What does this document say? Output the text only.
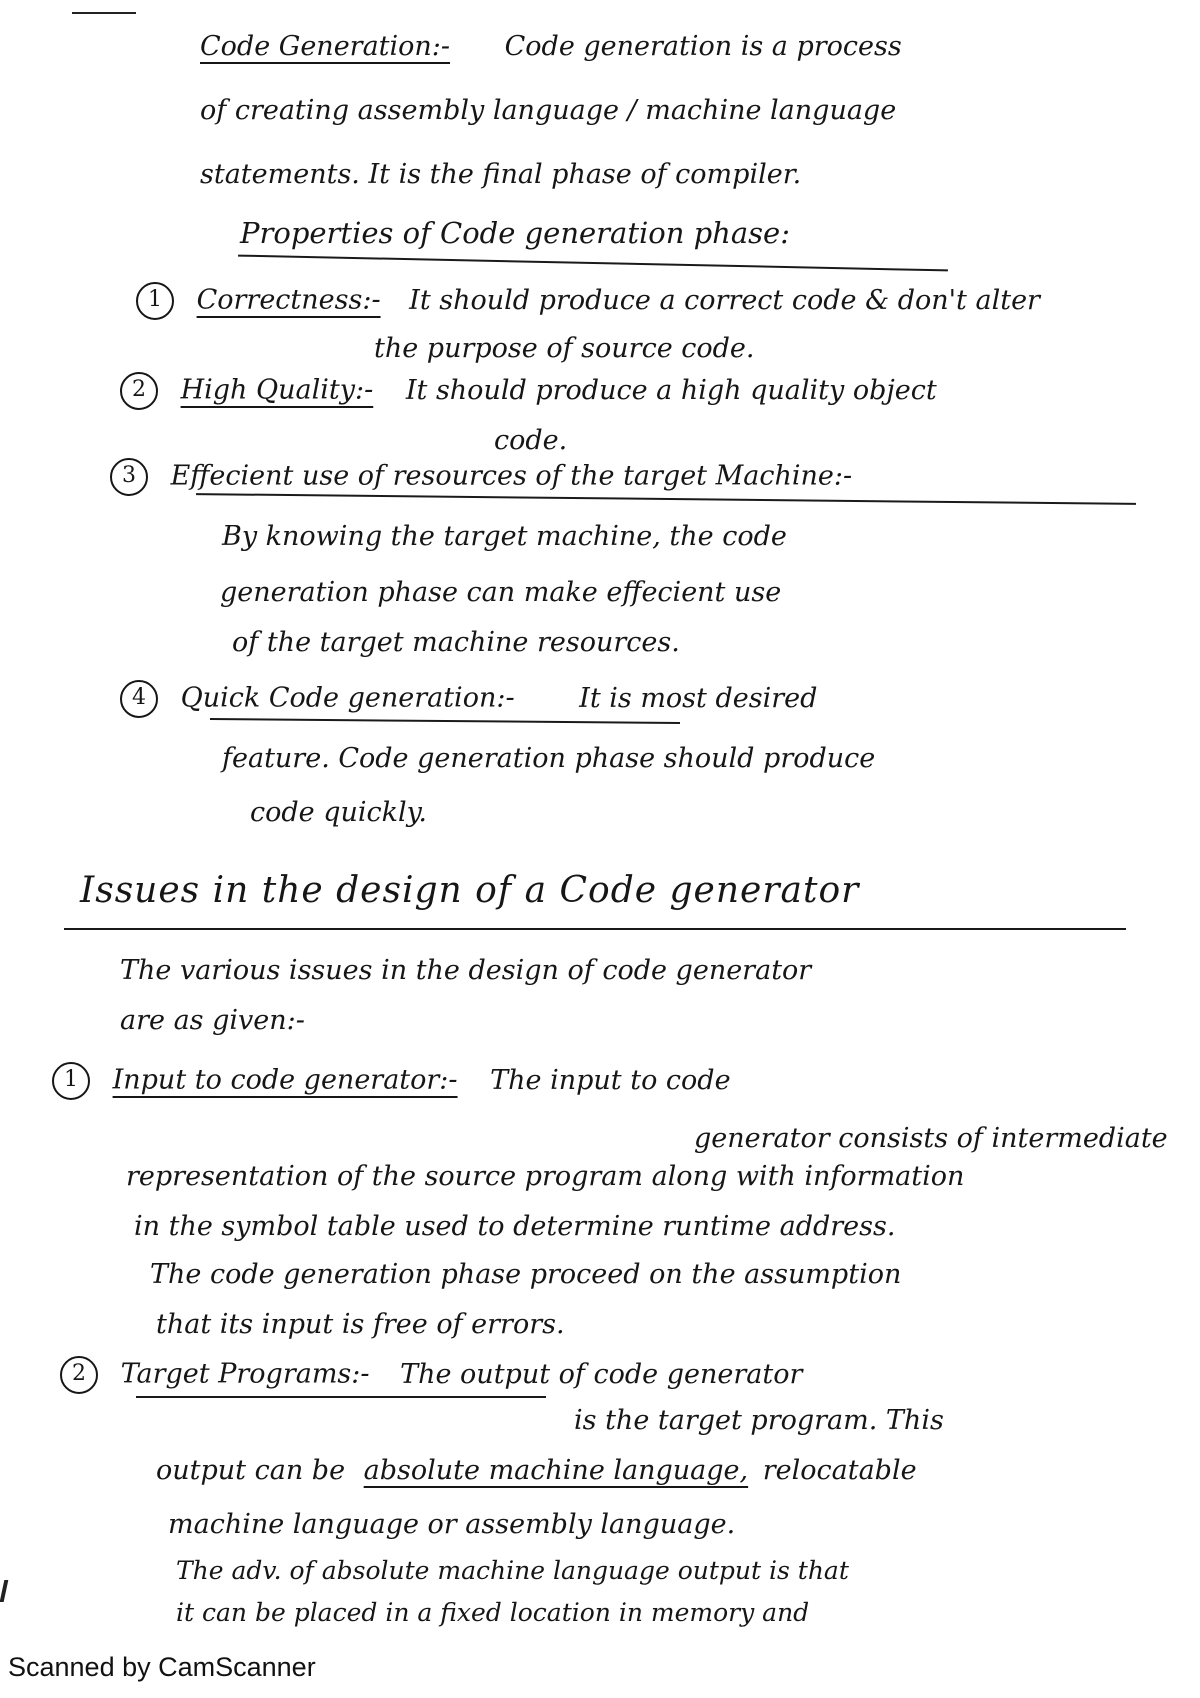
Code Generation:- Code generation is a process
of creating assembly language / machine language
statements. It is the final phase of compiler.
Properties of Code generation phase:
1 Correctness:- It should produce a correct code & don't alter
the purpose of source code.
2 High Quality:- It should produce a high quality object
code.
3 Effecient use of resources of the target Machine:-
By knowing the target machine, the code
generation phase can make effecient use
of the target machine resources.
4 Quick Code generation:- It is most desired
feature. Code generation phase should produce
code quickly.
Issues in the design of a Code generator
The various issues in the design of code generator
are as given:-
1 Input to code generator:- The input to code
generator consists of intermediate
representation of the source program along with information
in the symbol table used to determine runtime address.
The code generation phase proceed on the assumption
that its input is free of errors.
2 Target Programs:- The output of code generator
is the target program. This
output can be absolute machine language, relocatable
machine language or assembly language.
The adv. of absolute machine language output is that
it can be placed in a fixed location in memory and
Scanned by CamScanner
